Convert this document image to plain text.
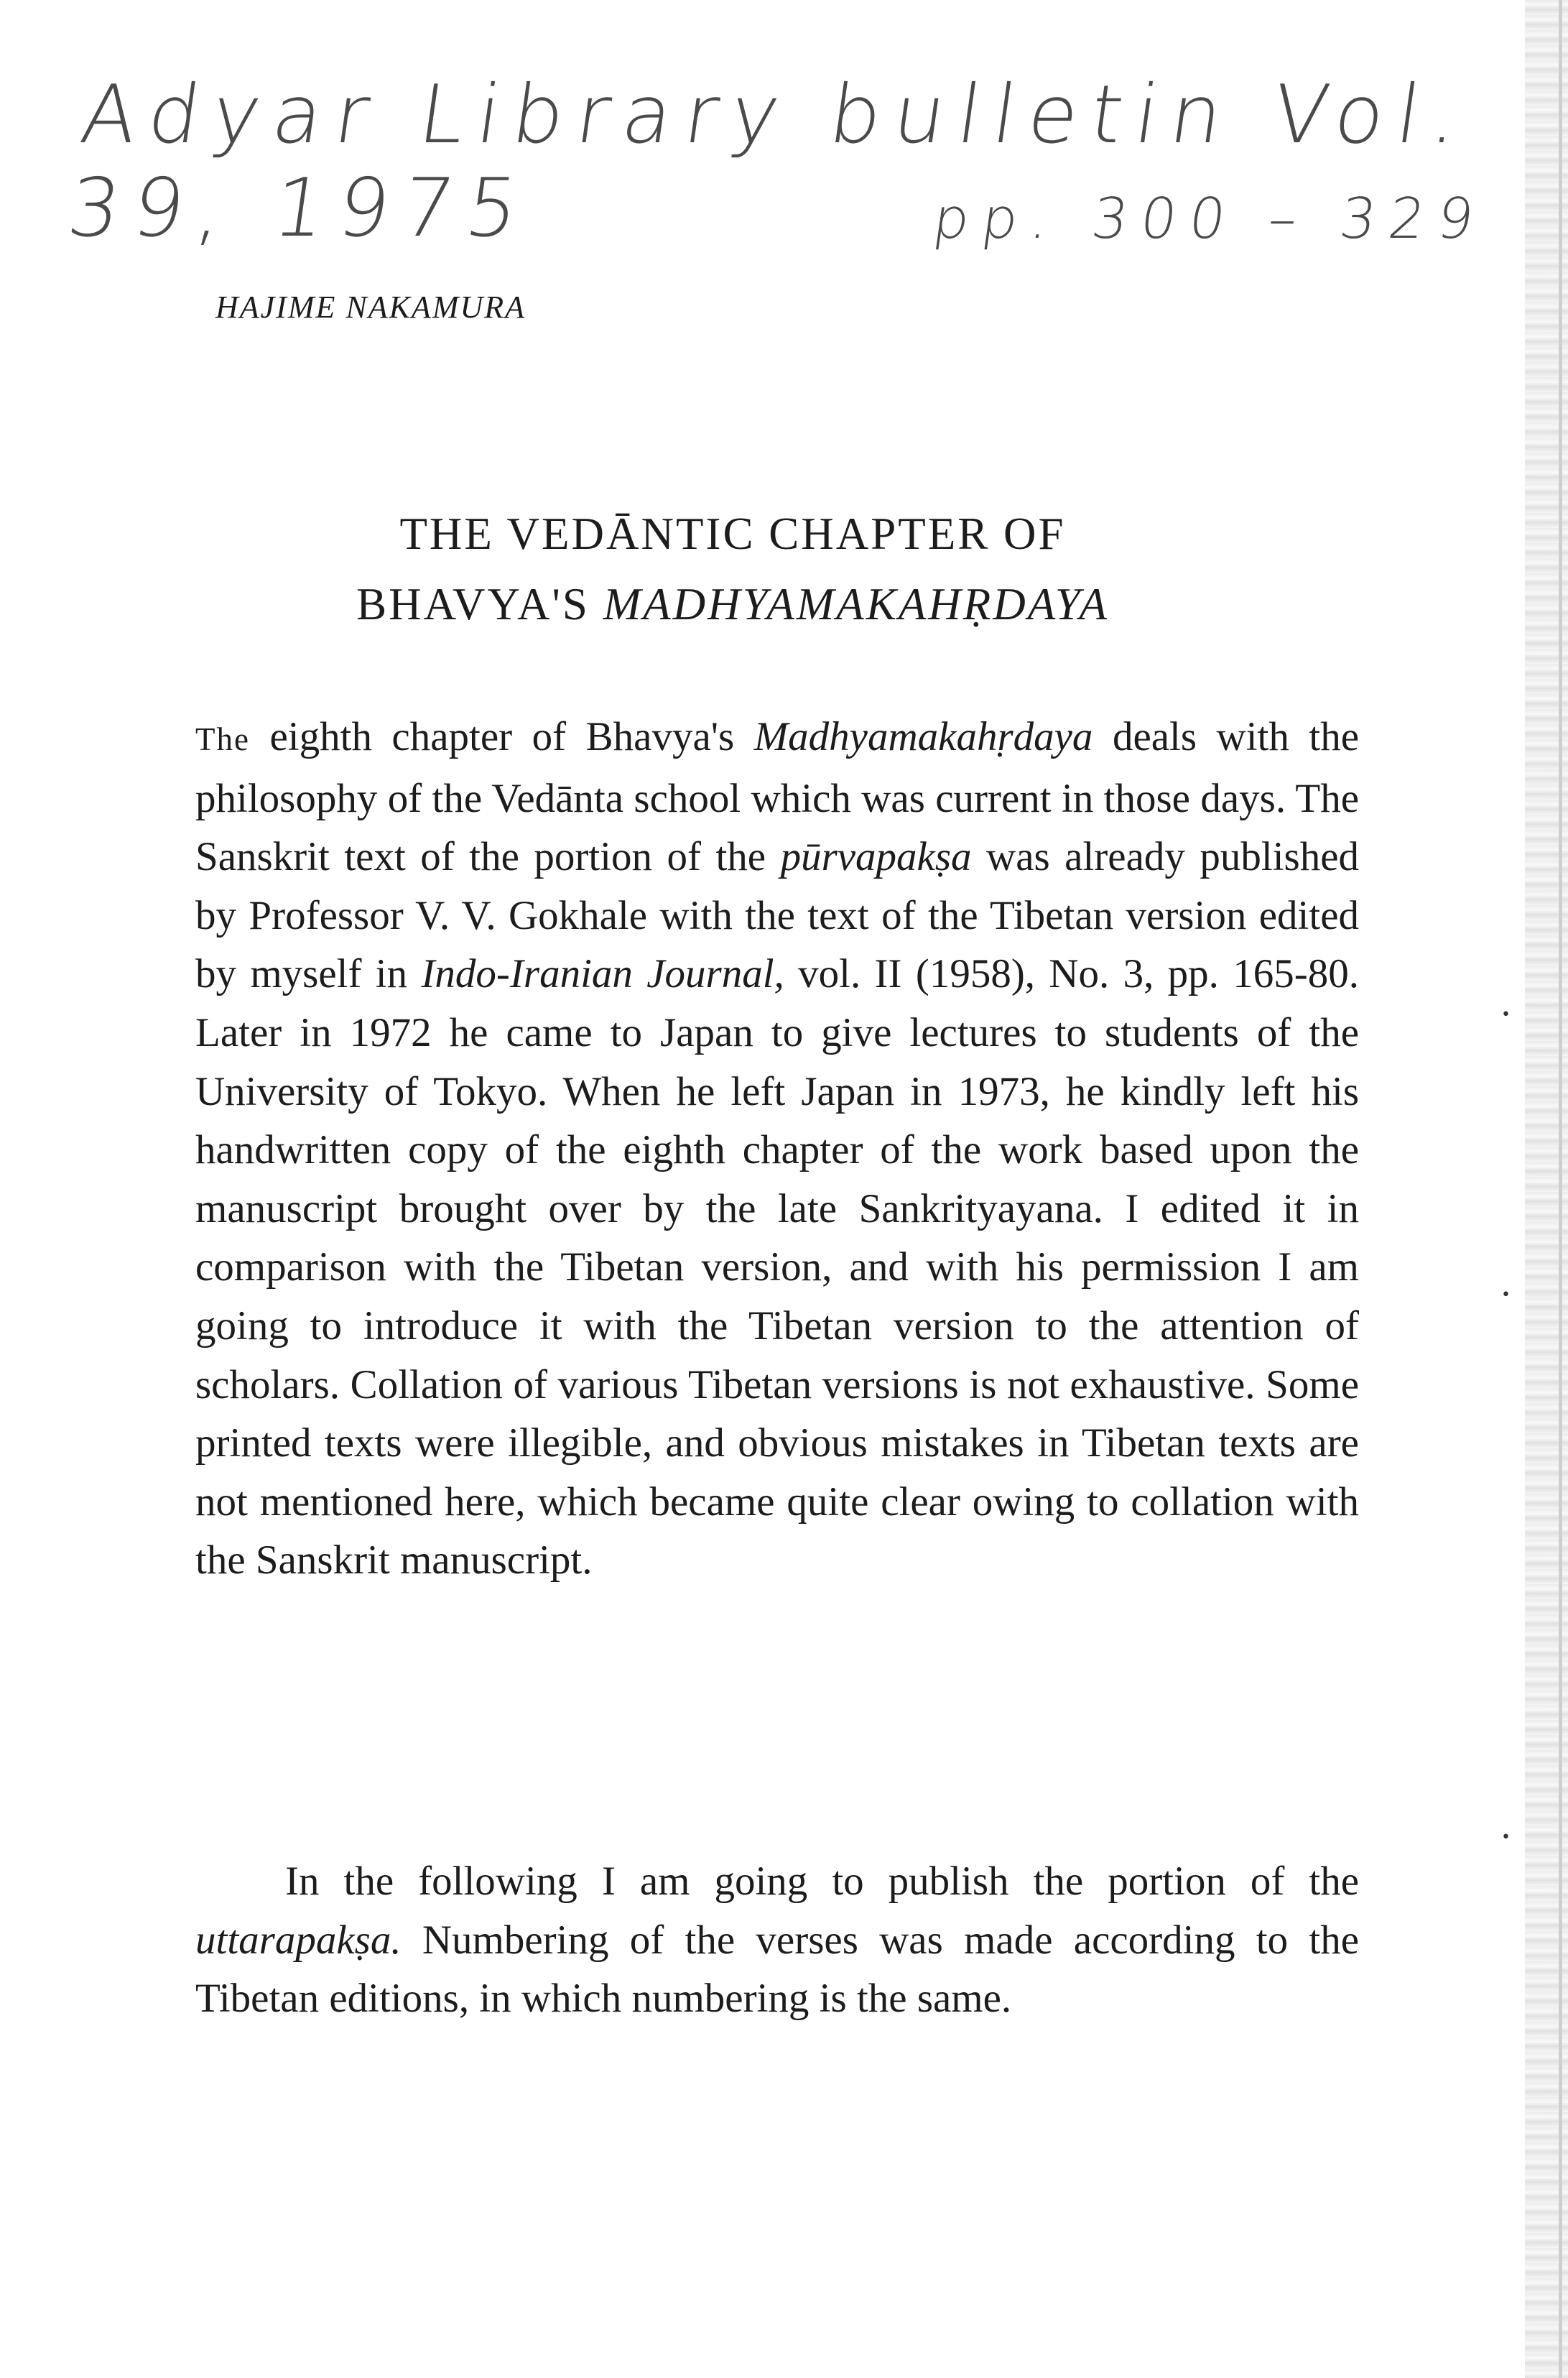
Adyar Library bulletin Vol. 39, 1975	pp. 300 – 329
HAJIME NAKAMURA
THE VEDĀNTIC CHAPTER OF
BHAVYA'S MADHYAMAKAHṚDAYA
The eighth chapter of Bhavya's Madhyamakahṛdaya deals with the philosophy of the Vedānta school which was current in those days. The Sanskrit text of the portion of the pūrvapakṣa was already published by Professor V. V. Gokhale with the text of the Tibetan version edited by myself in Indo-Iranian Journal, vol. II (1958), No. 3, pp. 165-80. Later in 1972 he came to Japan to give lectures to students of the University of Tokyo. When he left Japan in 1973, he kindly left his handwritten copy of the eighth chapter of the work based upon the manuscript brought over by the late Sankrityayana. I edited it in comparison with the Tibetan version, and with his permission I am going to introduce it with the Tibetan version to the attention of scholars. Collation of various Tibetan versions is not exhaustive. Some printed texts were illegible, and obvious mistakes in Tibetan texts are not mentioned here, which became quite clear owing to collation with the Sanskrit manuscript.
In the following I am going to publish the portion of the uttarapakṣa. Numbering of the verses was made according to the Tibetan editions, in which numbering is the same.
•
•
•
